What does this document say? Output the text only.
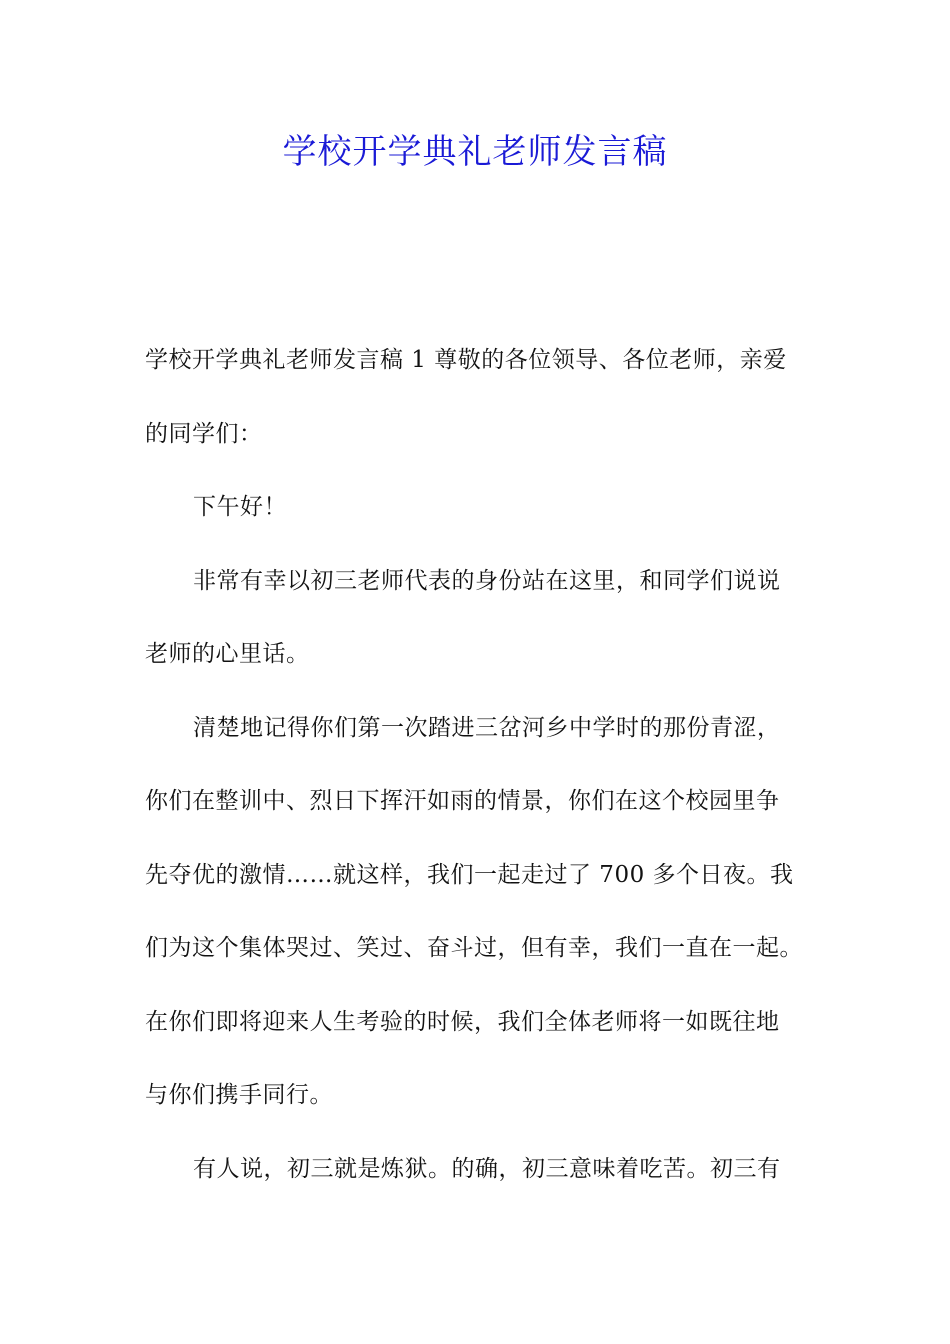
学校开学典礼老师发言稿
学校开学典礼老师发言稿 1 尊敬的各位领导、各位老师，亲爱
的同学们：
下午好！
非常有幸以初三老师代表的身份站在这里，和同学们说说
老师的心里话。
清楚地记得你们第一次踏进三岔河乡中学时的那份青涩，
你们在整训中、烈日下挥汗如雨的情景，你们在这个校园里争
先夺优的激情……就这样，我们一起走过了 700 多个日夜。我
们为这个集体哭过、笑过、奋斗过，但有幸，我们一直在一起。
在你们即将迎来人生考验的时候，我们全体老师将一如既往地
与你们携手同行。
有人说，初三就是炼狱。的确，初三意味着吃苦。初三有
